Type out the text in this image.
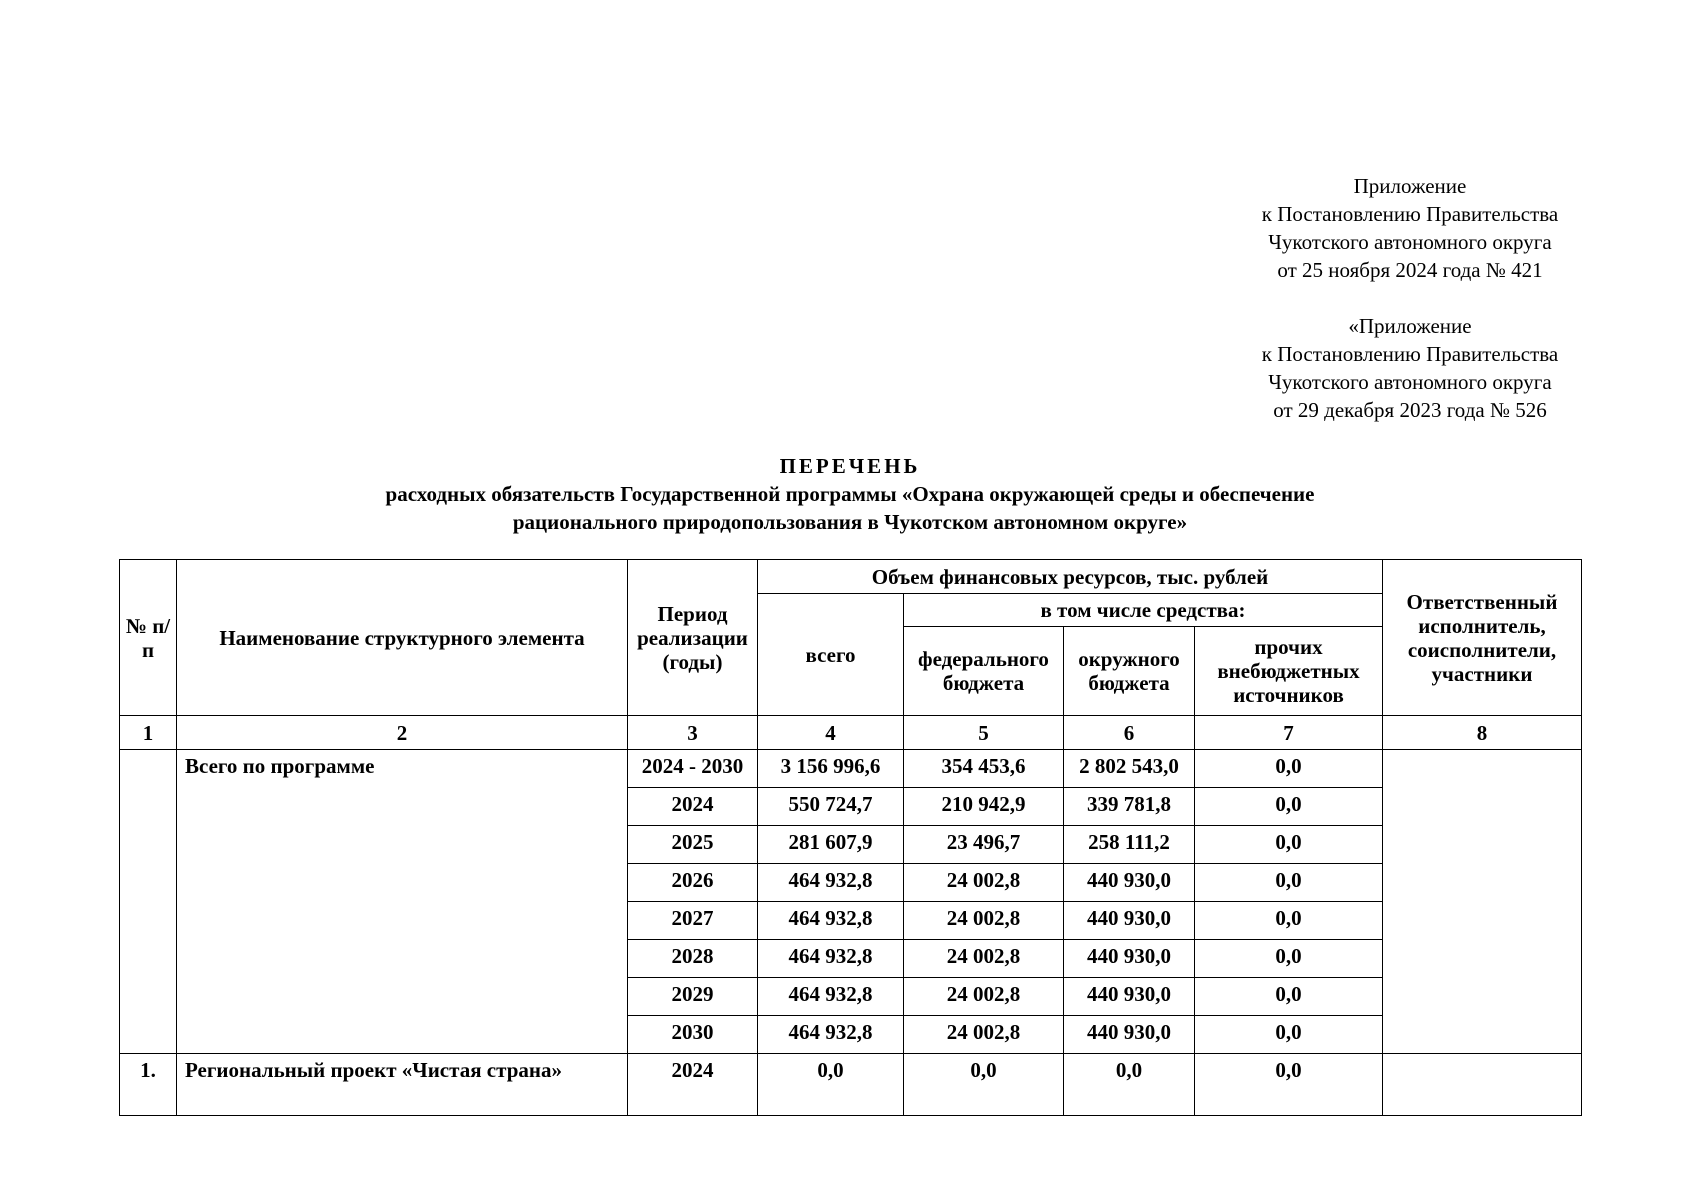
Приложение
к Постановлению Правительства
Чукотского автономного округа
от 25 ноября 2024 года № 421
«Приложение
к Постановлению Правительства
Чукотского автономного округа
от 29 декабря 2023 года № 526
ПЕРЕЧЕНЬ
расходных обязательств Государственной программы «Охрана окружающей среды и обеспечение
рационального природопользования в Чукотском автономном округе»
№ п/п	Наименование структурного элемента	Период реализации (годы)	Объем финансовых ресурсов, тыс. рублей				Ответственный исполнитель, соисполнители, участники
			всего	в том числе средства:			
				федерального бюджета	окружного бюджета	прочих внебюджетных источников	
1	2	3	4	5	6	7	8
	Всего по программе	2024 - 2030	3 156 996,6	354 453,6	2 802 543,0	0,0	
		2024	550 724,7	210 942,9	339 781,8	0,0	
		2025	281 607,9	23 496,7	258 111,2	0,0	
		2026	464 932,8	24 002,8	440 930,0	0,0	
		2027	464 932,8	24 002,8	440 930,0	0,0	
		2028	464 932,8	24 002,8	440 930,0	0,0	
		2029	464 932,8	24 002,8	440 930,0	0,0	
		2030	464 932,8	24 002,8	440 930,0	0,0	
1.	Региональный проект «Чистая страна»	2024	0,0	0,0	0,0	0,0	
